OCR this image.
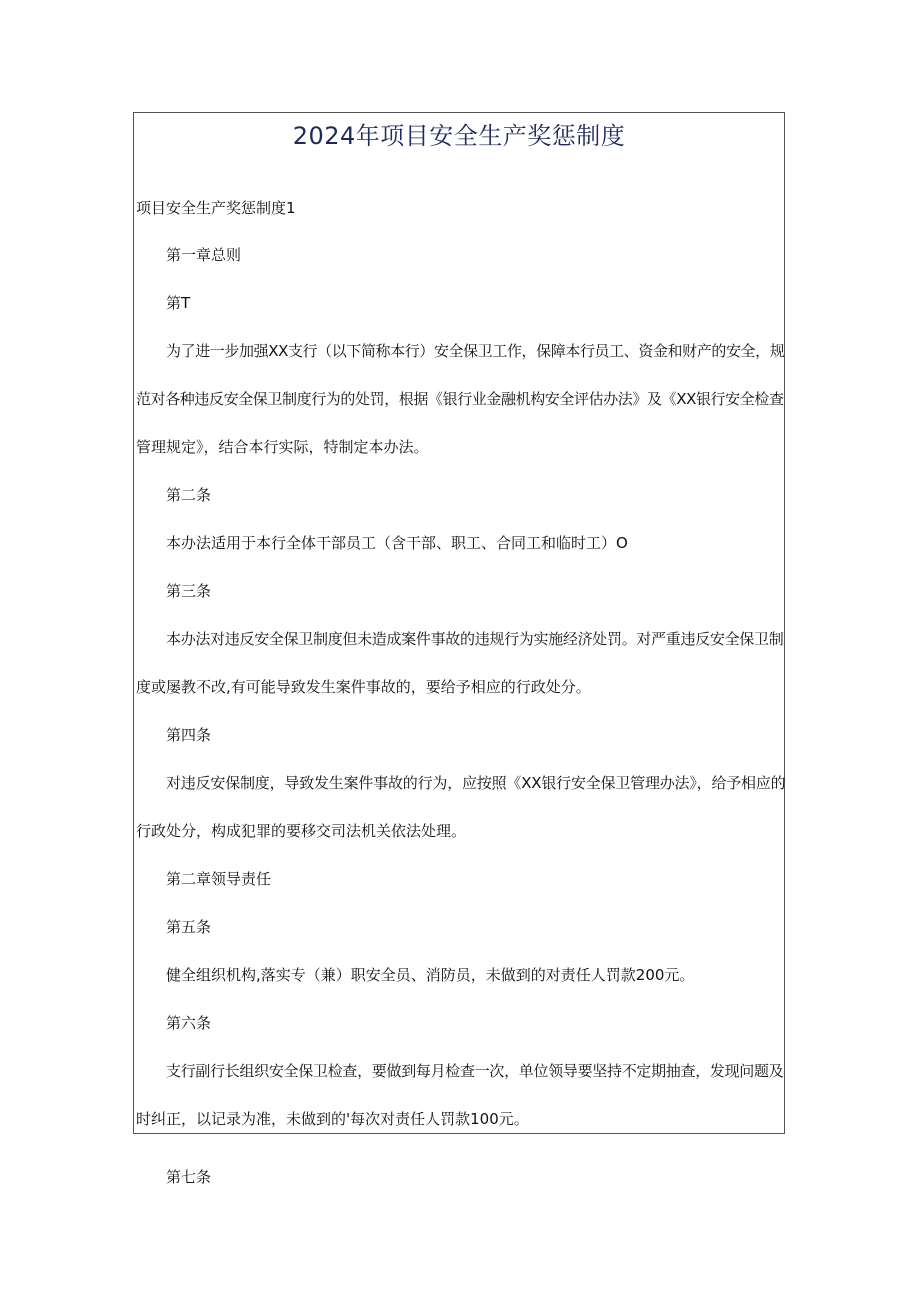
2024年项目安全生产奖惩制度
项目安全生产奖惩制度1
第一章总则
第T
为了进一步加强XX支行（以下简称本行）安全保卫工作，保障本行员工、资金和财产的安全，规
范对各种违反安全保卫制度行为的处罚，根据《银行业金融机构安全评估办法》及《XX银行安全检查
管理规定》，结合本行实际，特制定本办法。
第二条
本办法适用于本行全体干部员工（含干部、职工、合同工和临时工）O
第三条
本办法对违反安全保卫制度但未造成案件事故的违规行为实施经济处罚。对严重违反安全保卫制
度或屡教不改,有可能导致发生案件事故的，要给予相应的行政处分。
第四条
对违反安保制度，导致发生案件事故的行为，应按照《XX银行安全保卫管理办法》，给予相应的
行政处分，构成犯罪的要移交司法机关依法处理。
第二章领导责任
第五条
健全组织机构,落实专（兼）职安全员、消防员，未做到的对责任人罚款200元。
第六条
支行副行长组织安全保卫检查，要做到每月检查一次，单位领导要坚持不定期抽查，发现问题及
时纠正，以记录为准，未做到的'每次对责任人罚款100元。
第七条
